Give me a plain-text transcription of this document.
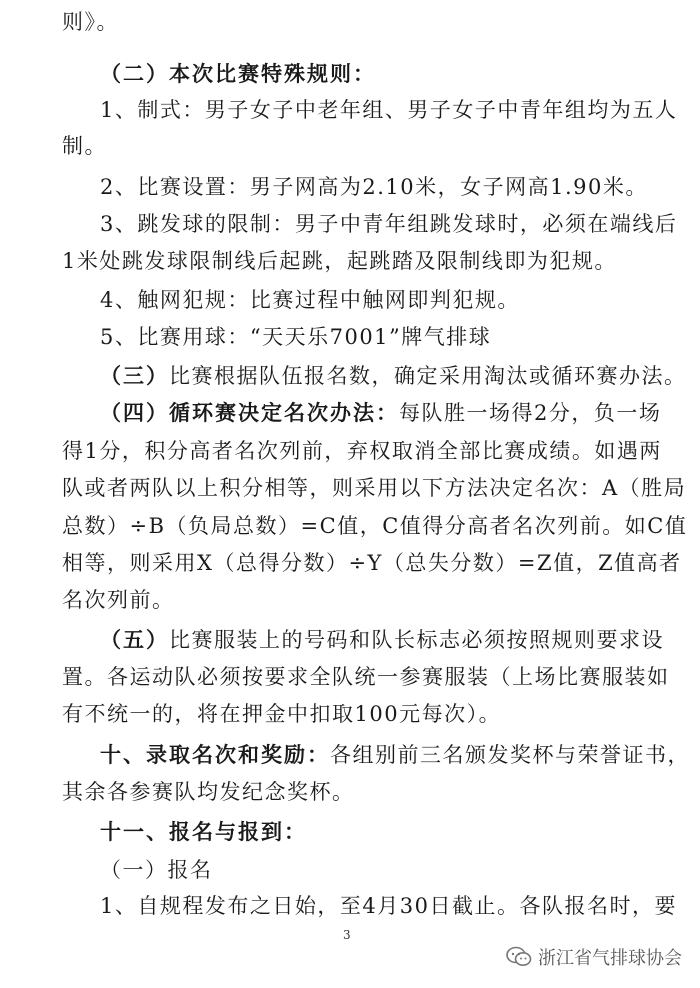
则》。
（二）本次比赛特殊规则：
1、制式：男子女子中老年组、男子女子中青年组均为五人
制。
2、比赛设置：男子网高为2.10米，女子网高1.90米。
3、跳发球的限制：男子中青年组跳发球时，必须在端线后
1米处跳发球限制线后起跳，起跳踏及限制线即为犯规。
4、触网犯规：比赛过程中触网即判犯规。
5、比赛用球：“天天乐7001”牌气排球
（三）比赛根据队伍报名数，确定采用淘汰或循环赛办法。
（四）循环赛决定名次办法：每队胜一场得2分，负一场
得1分，积分高者名次列前，弃权取消全部比赛成绩。如遇两
队或者两队以上积分相等，则采用以下方法决定名次：A（胜局
总数）÷B（负局总数）=C值，C值得分高者名次列前。如C值
相等，则采用X（总得分数）÷Y（总失分数）=Z值，Z值高者
名次列前。
（五）比赛服装上的号码和队长标志必须按照规则要求设
置。各运动队必须按要求全队统一参赛服装（上场比赛服装如
有不统一的，将在押金中扣取100元每次）。
十、录取名次和奖励：各组别前三名颁发奖杯与荣誉证书，
其余各参赛队均发纪念奖杯。
十一、报名与报到：
（一）报名
1、自规程发布之日始，至4月30日截止。各队报名时，要
3
浙江省气排球协会
